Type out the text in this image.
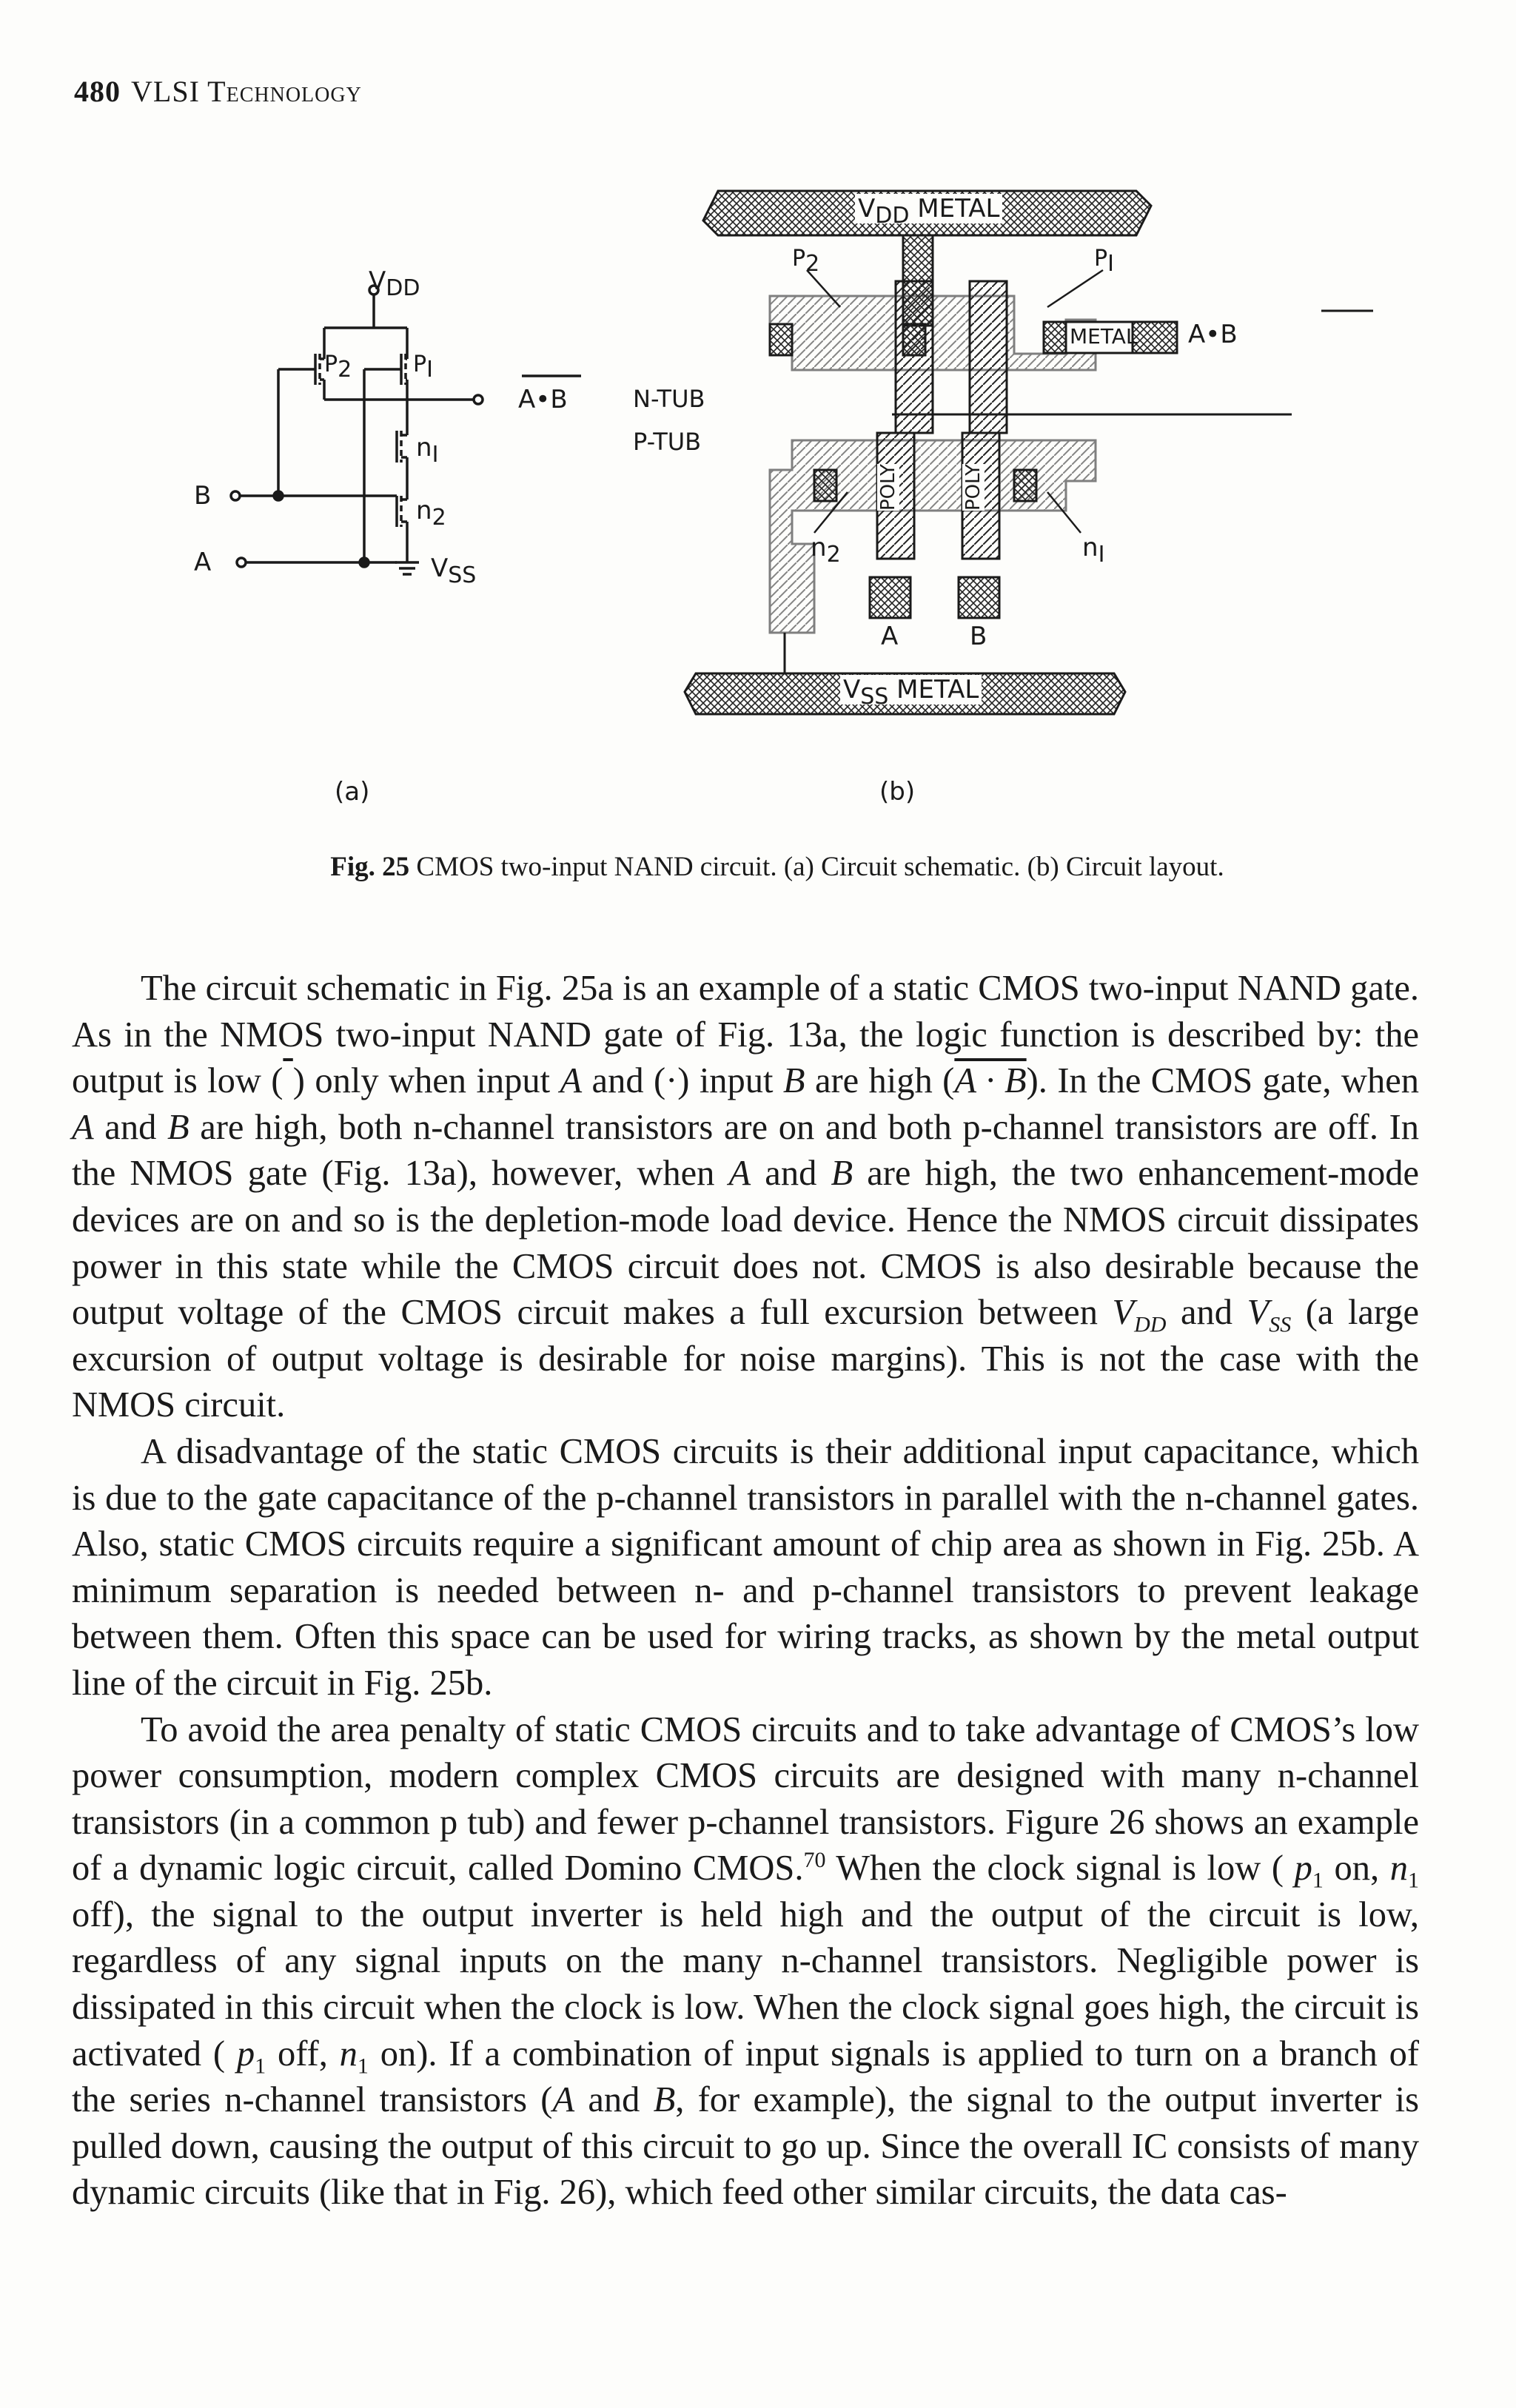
480 VLSI Technology
$V_{DD}$
$P_2$	$P_I$
$n_I$
$n_2$
$V_{SS}$
B
A
A•B
(a)
$V_{DD}$ METAL
$P_2$	$P_I$
METAL A•B
N-TUB
P-TUB
POLY	POLY
$n_2$	$n_I$
A	B
$V_{SS}$ METAL
(b)
Fig. 25 CMOS two-input NAND circuit. (a) Circuit schematic. (b) Circuit layout.

The circuit schematic in Fig. 25a is an example of a static CMOS two-input NAND gate. As in the NMOS two-input NAND gate of Fig. 13a, the logic function is described by: the output is low ( ) only when input A and (·) input B are high (A · B). In the CMOS gate, when A and B are high, both n-channel transistors are on and both p-channel transistors are off. In the NMOS gate (Fig. 13a), however, when A and B are high, the two enhancement-mode devices are on and so is the depletion-mode load device. Hence the NMOS circuit dissipates power in this state while the CMOS circuit does not. CMOS is also desirable because the output voltage of the CMOS circuit makes a full excursion between $V_{DD}$ and $V_{SS}$ (a large excursion of output voltage is desirable for noise margins). This is not the case with the NMOS circuit.

A disadvantage of the static CMOS circuits is their additional input capacitance, which is due to the gate capacitance of the p-channel transistors in parallel with the n-channel gates. Also, static CMOS circuits require a significant amount of chip area as shown in Fig. 25b. A minimum separation is needed between n- and p-channel transistors to prevent leakage between them. Often this space can be used for wiring tracks, as shown by the metal output line of the circuit in Fig. 25b.

To avoid the area penalty of static CMOS circuits and to take advantage of CMOS’s low power consumption, modern complex CMOS circuits are designed with many n-channel transistors (in a common p tub) and fewer p-channel transistors. Figure 26 shows an example of a dynamic logic circuit, called Domino CMOS.$^{70}$ When the clock signal is low ( $p_1$ on, $n_1$ off), the signal to the output inverter is held high and the output of the circuit is low, regardless of any signal inputs on the many n-channel transistors. Negligible power is dissipated in this circuit when the clock is low. When the clock signal goes high, the circuit is activated ( $p_1$ off, $n_1$ on). If a combination of input signals is applied to turn on a branch of the series n-channel transistors (A and B, for example), the signal to the output inverter is pulled down, causing the output of this circuit to go up. Since the overall IC consists of many dynamic circuits (like that in Fig. 26), which feed other similar circuits, the data cas-
